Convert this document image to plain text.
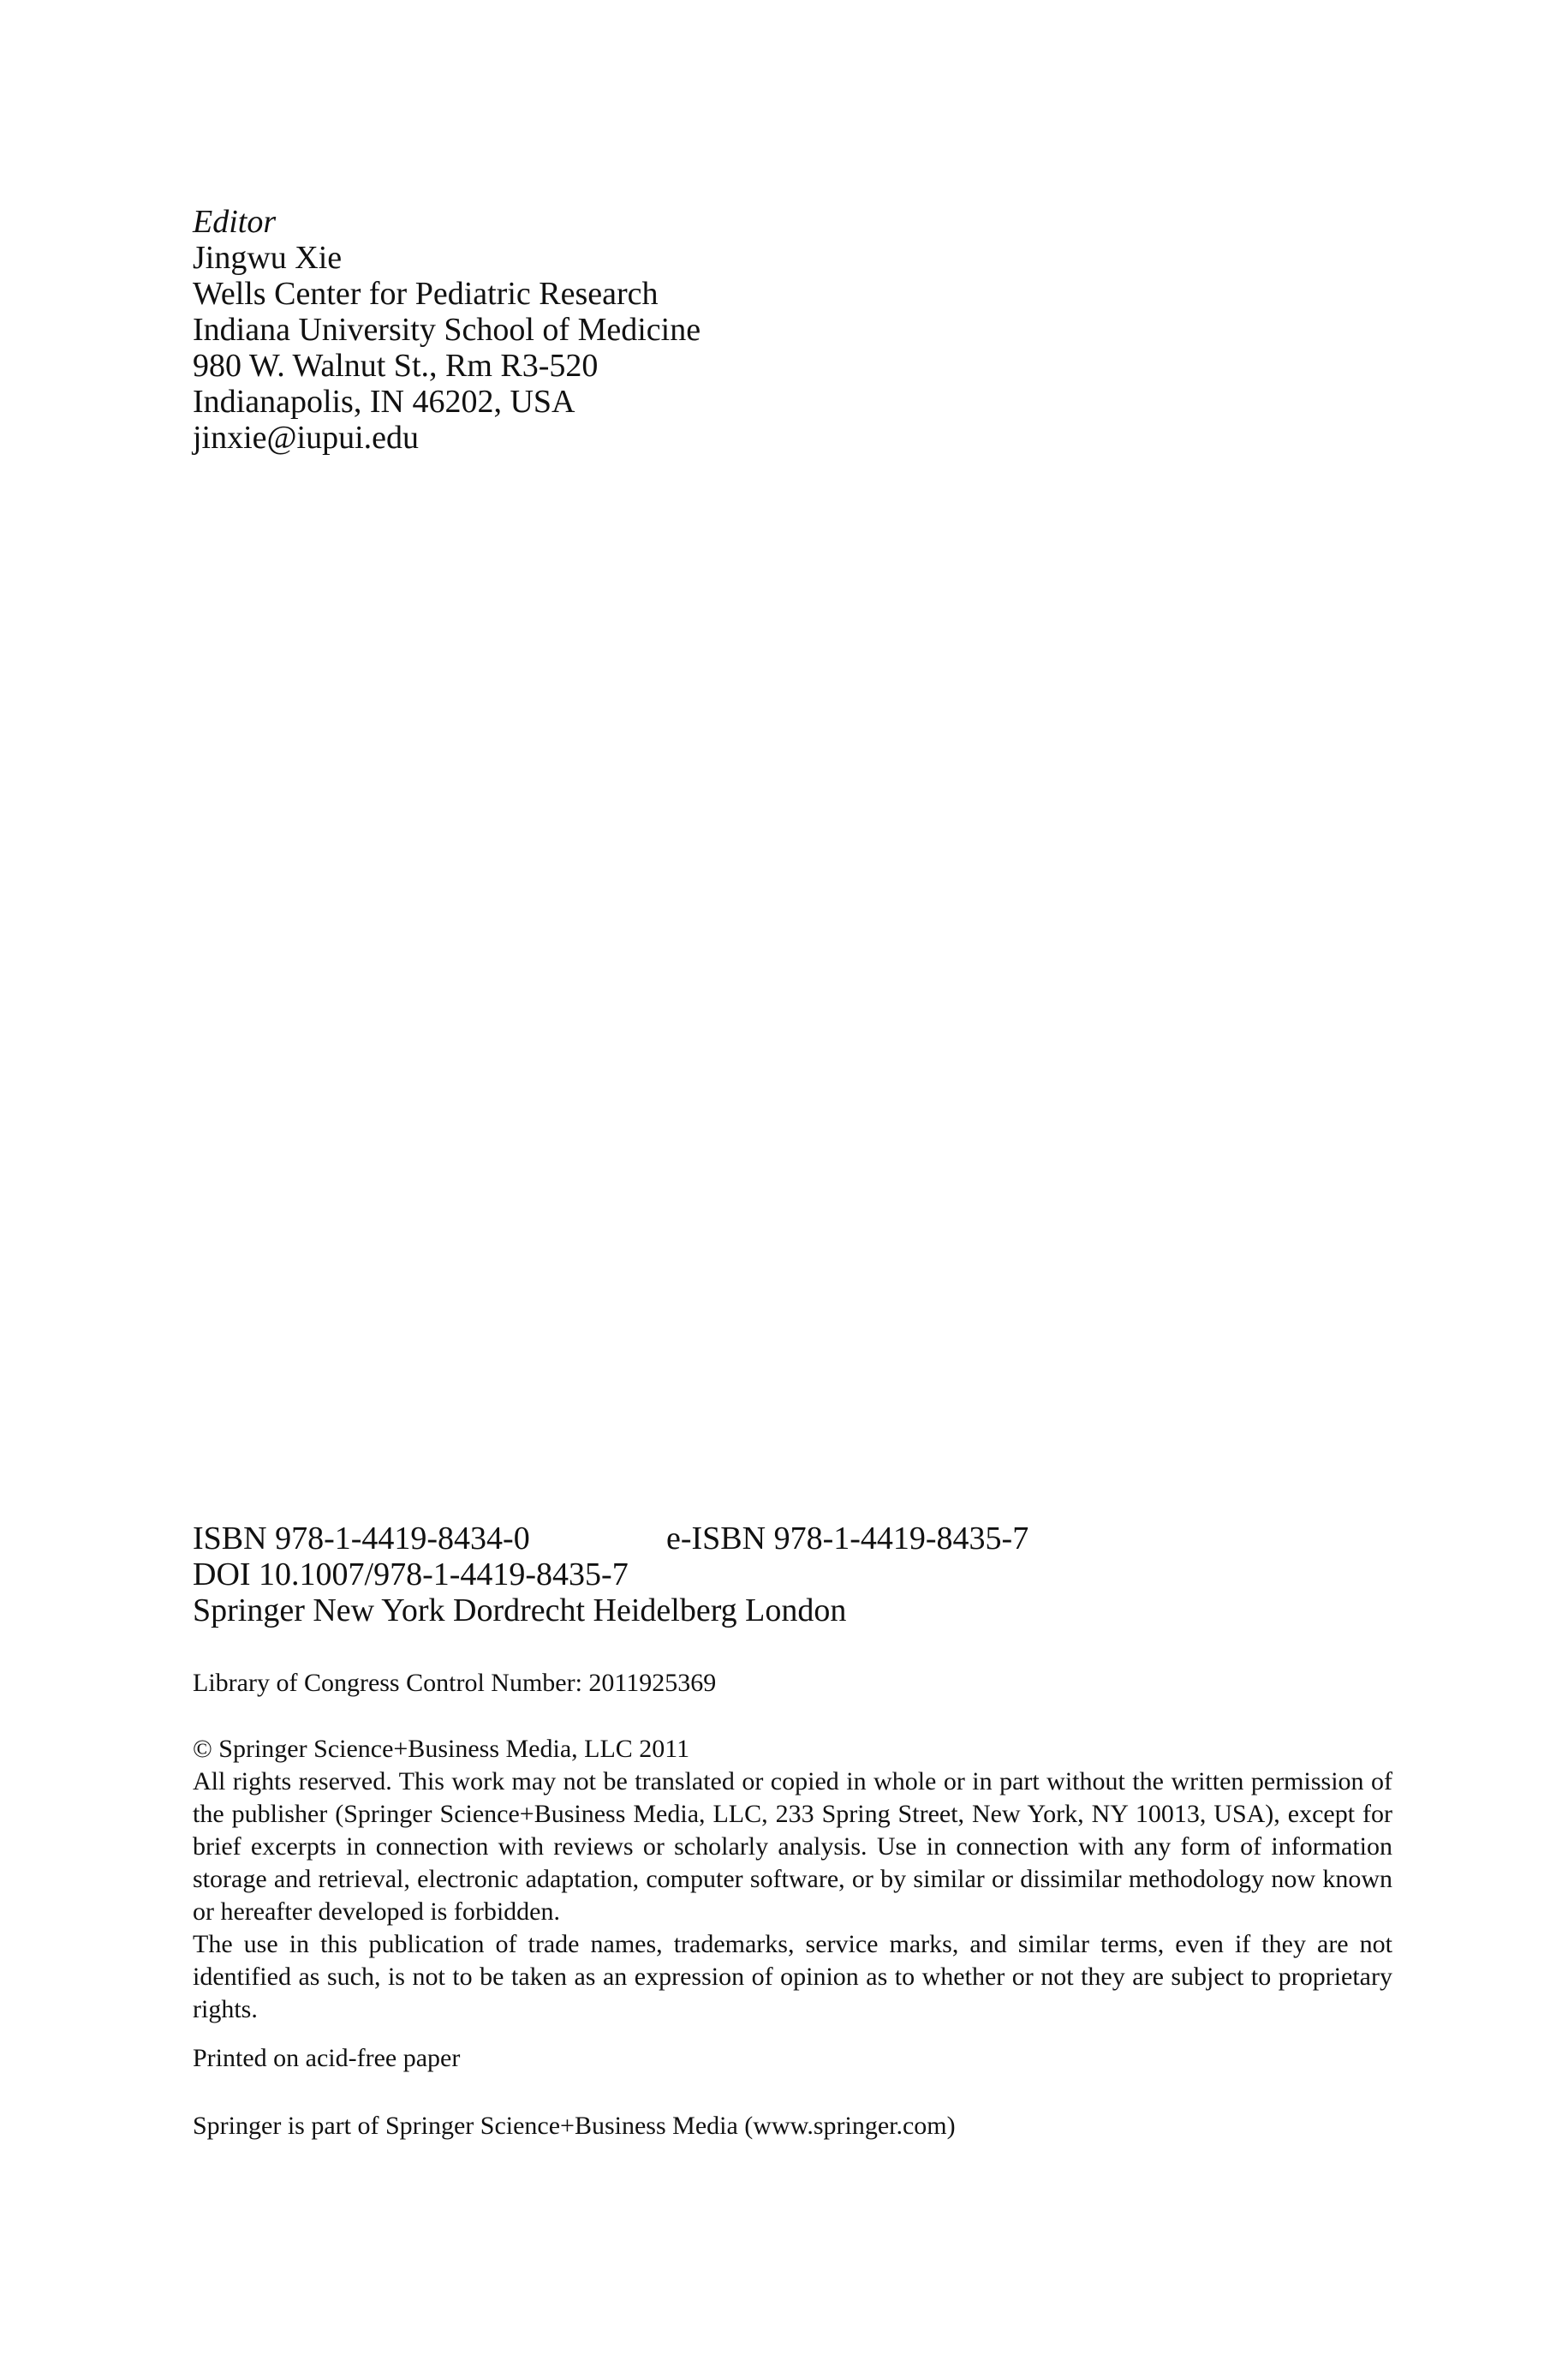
Editor
Jingwu Xie
Wells Center for Pediatric Research
Indiana University School of Medicine
980 W. Walnut St., Rm R3-520
Indianapolis, IN 46202, USA
jinxie@iupui.edu
ISBN 978-1-4419-8434-0	e-ISBN 978-1-4419-8435-7
DOI 10.1007/978-1-4419-8435-7
Springer New York Dordrecht Heidelberg London
Library of Congress Control Number: 2011925369
© Springer Science+Business Media, LLC 2011

All rights reserved. This work may not be translated or copied in whole or in part without the written permission of the publisher (Springer Science+Business Media, LLC, 233 Spring Street, New York, NY 10013, USA), except for brief excerpts in connection with reviews or scholarly analysis. Use in connection with any form of information storage and retrieval, electronic adaptation, computer software, or by similar or dissimilar methodology now known or hereafter developed is forbidden.

The use in this publication of trade names, trademarks, service marks, and similar terms, even if they are not identified as such, is not to be taken as an expression of opinion as to whether or not they are subject to proprietary rights.

Printed on acid-free paper
Springer is part of Springer Science+Business Media (www.springer.com)
